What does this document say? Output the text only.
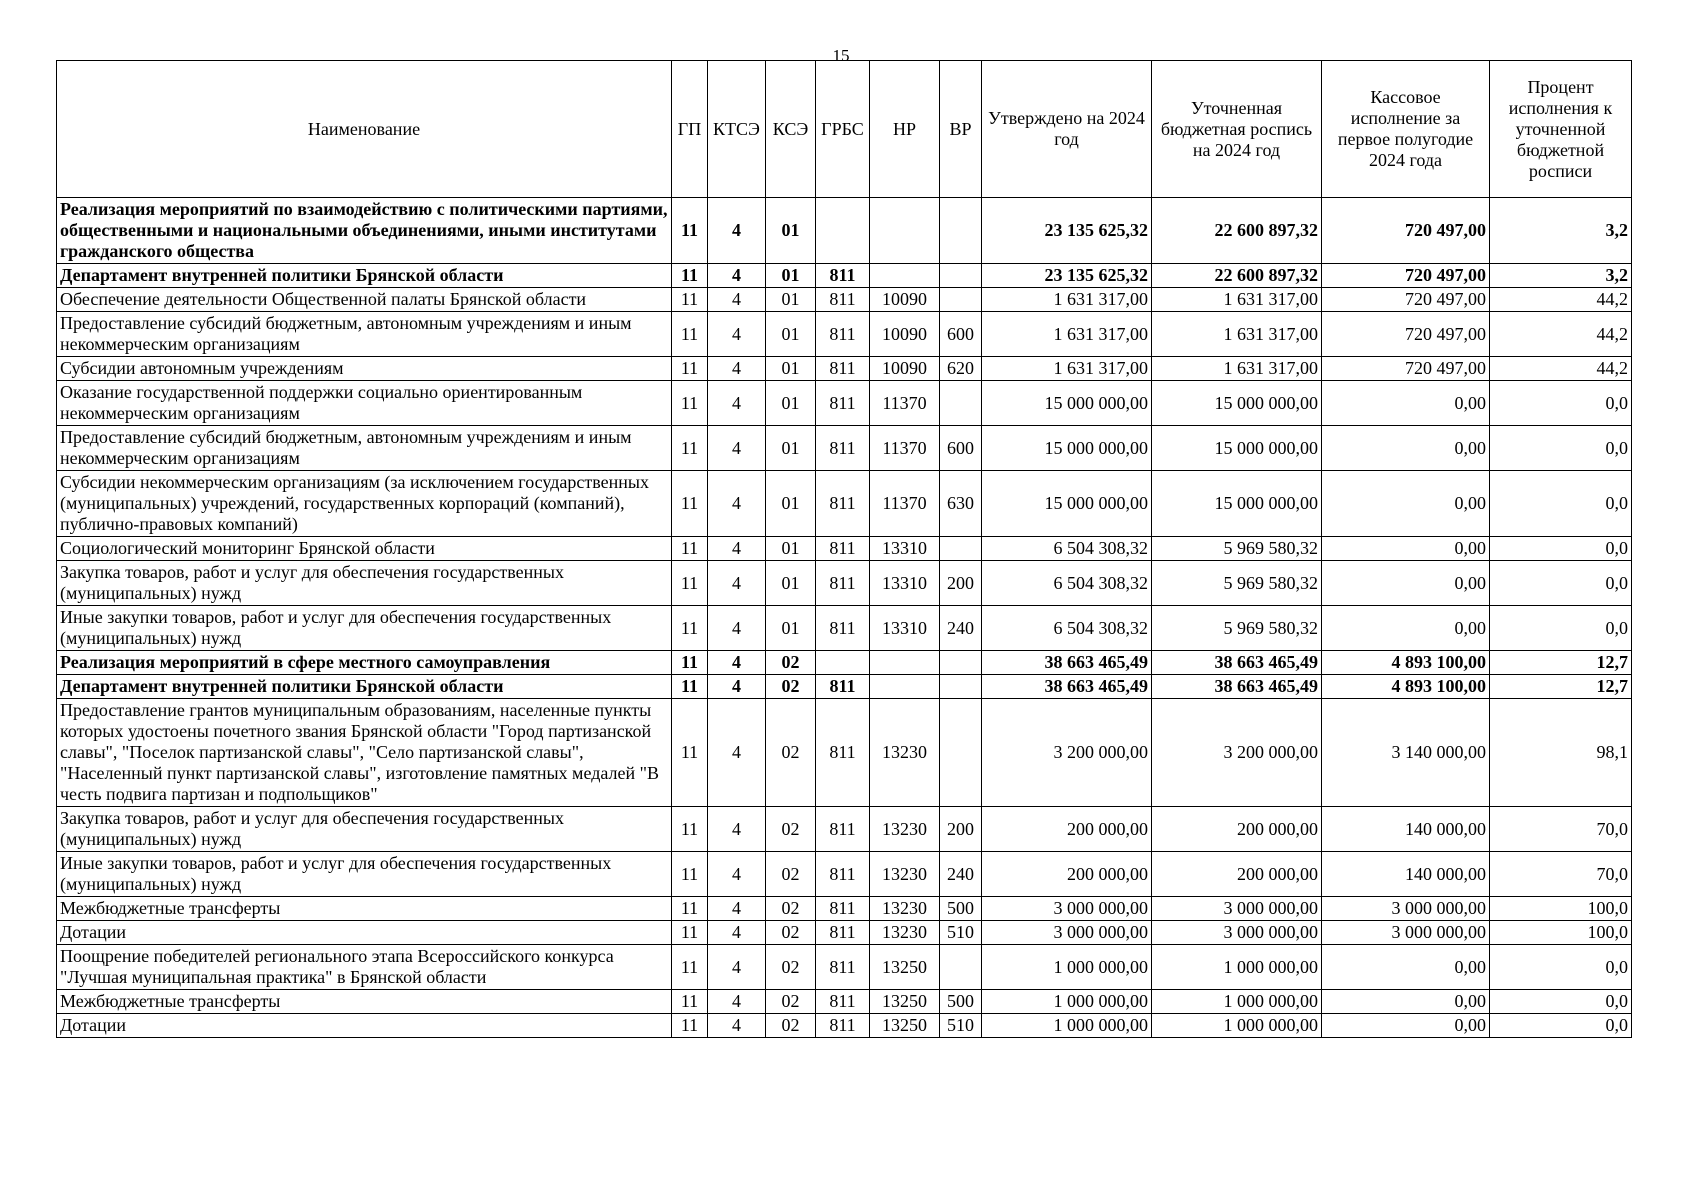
15
Наименование	ГП	КТСЭ	КСЭ	ГРБС	НР	ВР	Утверждено на 2024 год	Уточненная бюджетная роспись на 2024 год	Кассовое исполнение за первое полугодие 2024 года	Процент исполнения к уточненной бюджетной росписи
Реализация мероприятий по взаимодействию с политическими партиями, общественными и национальными объединениями, иными институтами гражданского общества	11	4	01				23 135 625,32	22 600 897,32	720 497,00	3,2
Департамент внутренней политики Брянской области	11	4	01	811			23 135 625,32	22 600 897,32	720 497,00	3,2
Обеспечение деятельности Общественной палаты Брянской области	11	4	01	811	10090		1 631 317,00	1 631 317,00	720 497,00	44,2
Предоставление субсидий бюджетным, автономным учреждениям и иным некоммерческим организациям	11	4	01	811	10090	600	1 631 317,00	1 631 317,00	720 497,00	44,2
Субсидии автономным учреждениям	11	4	01	811	10090	620	1 631 317,00	1 631 317,00	720 497,00	44,2
Оказание государственной поддержки социально ориентированным некоммерческим организациям	11	4	01	811	11370		15 000 000,00	15 000 000,00	0,00	0,0
Предоставление субсидий бюджетным, автономным учреждениям и иным некоммерческим организациям	11	4	01	811	11370	600	15 000 000,00	15 000 000,00	0,00	0,0
Субсидии некоммерческим организациям (за исключением государственных (муниципальных) учреждений, государственных корпораций (компаний), публично-правовых компаний)	11	4	01	811	11370	630	15 000 000,00	15 000 000,00	0,00	0,0
Социологический мониторинг Брянской области	11	4	01	811	13310		6 504 308,32	5 969 580,32	0,00	0,0
Закупка товаров, работ и услуг для обеспечения государственных (муниципальных) нужд	11	4	01	811	13310	200	6 504 308,32	5 969 580,32	0,00	0,0
Иные закупки товаров, работ и услуг для обеспечения государственных (муниципальных) нужд	11	4	01	811	13310	240	6 504 308,32	5 969 580,32	0,00	0,0
Реализация мероприятий в сфере местного самоуправления	11	4	02				38 663 465,49	38 663 465,49	4 893 100,00	12,7
Департамент внутренней политики Брянской области	11	4	02	811			38 663 465,49	38 663 465,49	4 893 100,00	12,7
Предоставление грантов муниципальным образованиям, населенные пункты которых удостоены почетного звания Брянской области "Город партизанской славы", "Поселок партизанской славы", "Село партизанской славы", "Населенный пункт партизанской славы", изготовление памятных медалей "В честь подвига партизан и подпольщиков"	11	4	02	811	13230		3 200 000,00	3 200 000,00	3 140 000,00	98,1
Закупка товаров, работ и услуг для обеспечения государственных (муниципальных) нужд	11	4	02	811	13230	200	200 000,00	200 000,00	140 000,00	70,0
Иные закупки товаров, работ и услуг для обеспечения государственных (муниципальных) нужд	11	4	02	811	13230	240	200 000,00	200 000,00	140 000,00	70,0
Межбюджетные трансферты	11	4	02	811	13230	500	3 000 000,00	3 000 000,00	3 000 000,00	100,0
Дотации	11	4	02	811	13230	510	3 000 000,00	3 000 000,00	3 000 000,00	100,0
Поощрение победителей регионального этапа Всероссийского конкурса "Лучшая муниципальная практика" в Брянской области	11	4	02	811	13250		1 000 000,00	1 000 000,00	0,00	0,0
Межбюджетные трансферты	11	4	02	811	13250	500	1 000 000,00	1 000 000,00	0,00	0,0
Дотации	11	4	02	811	13250	510	1 000 000,00	1 000 000,00	0,00	0,0
